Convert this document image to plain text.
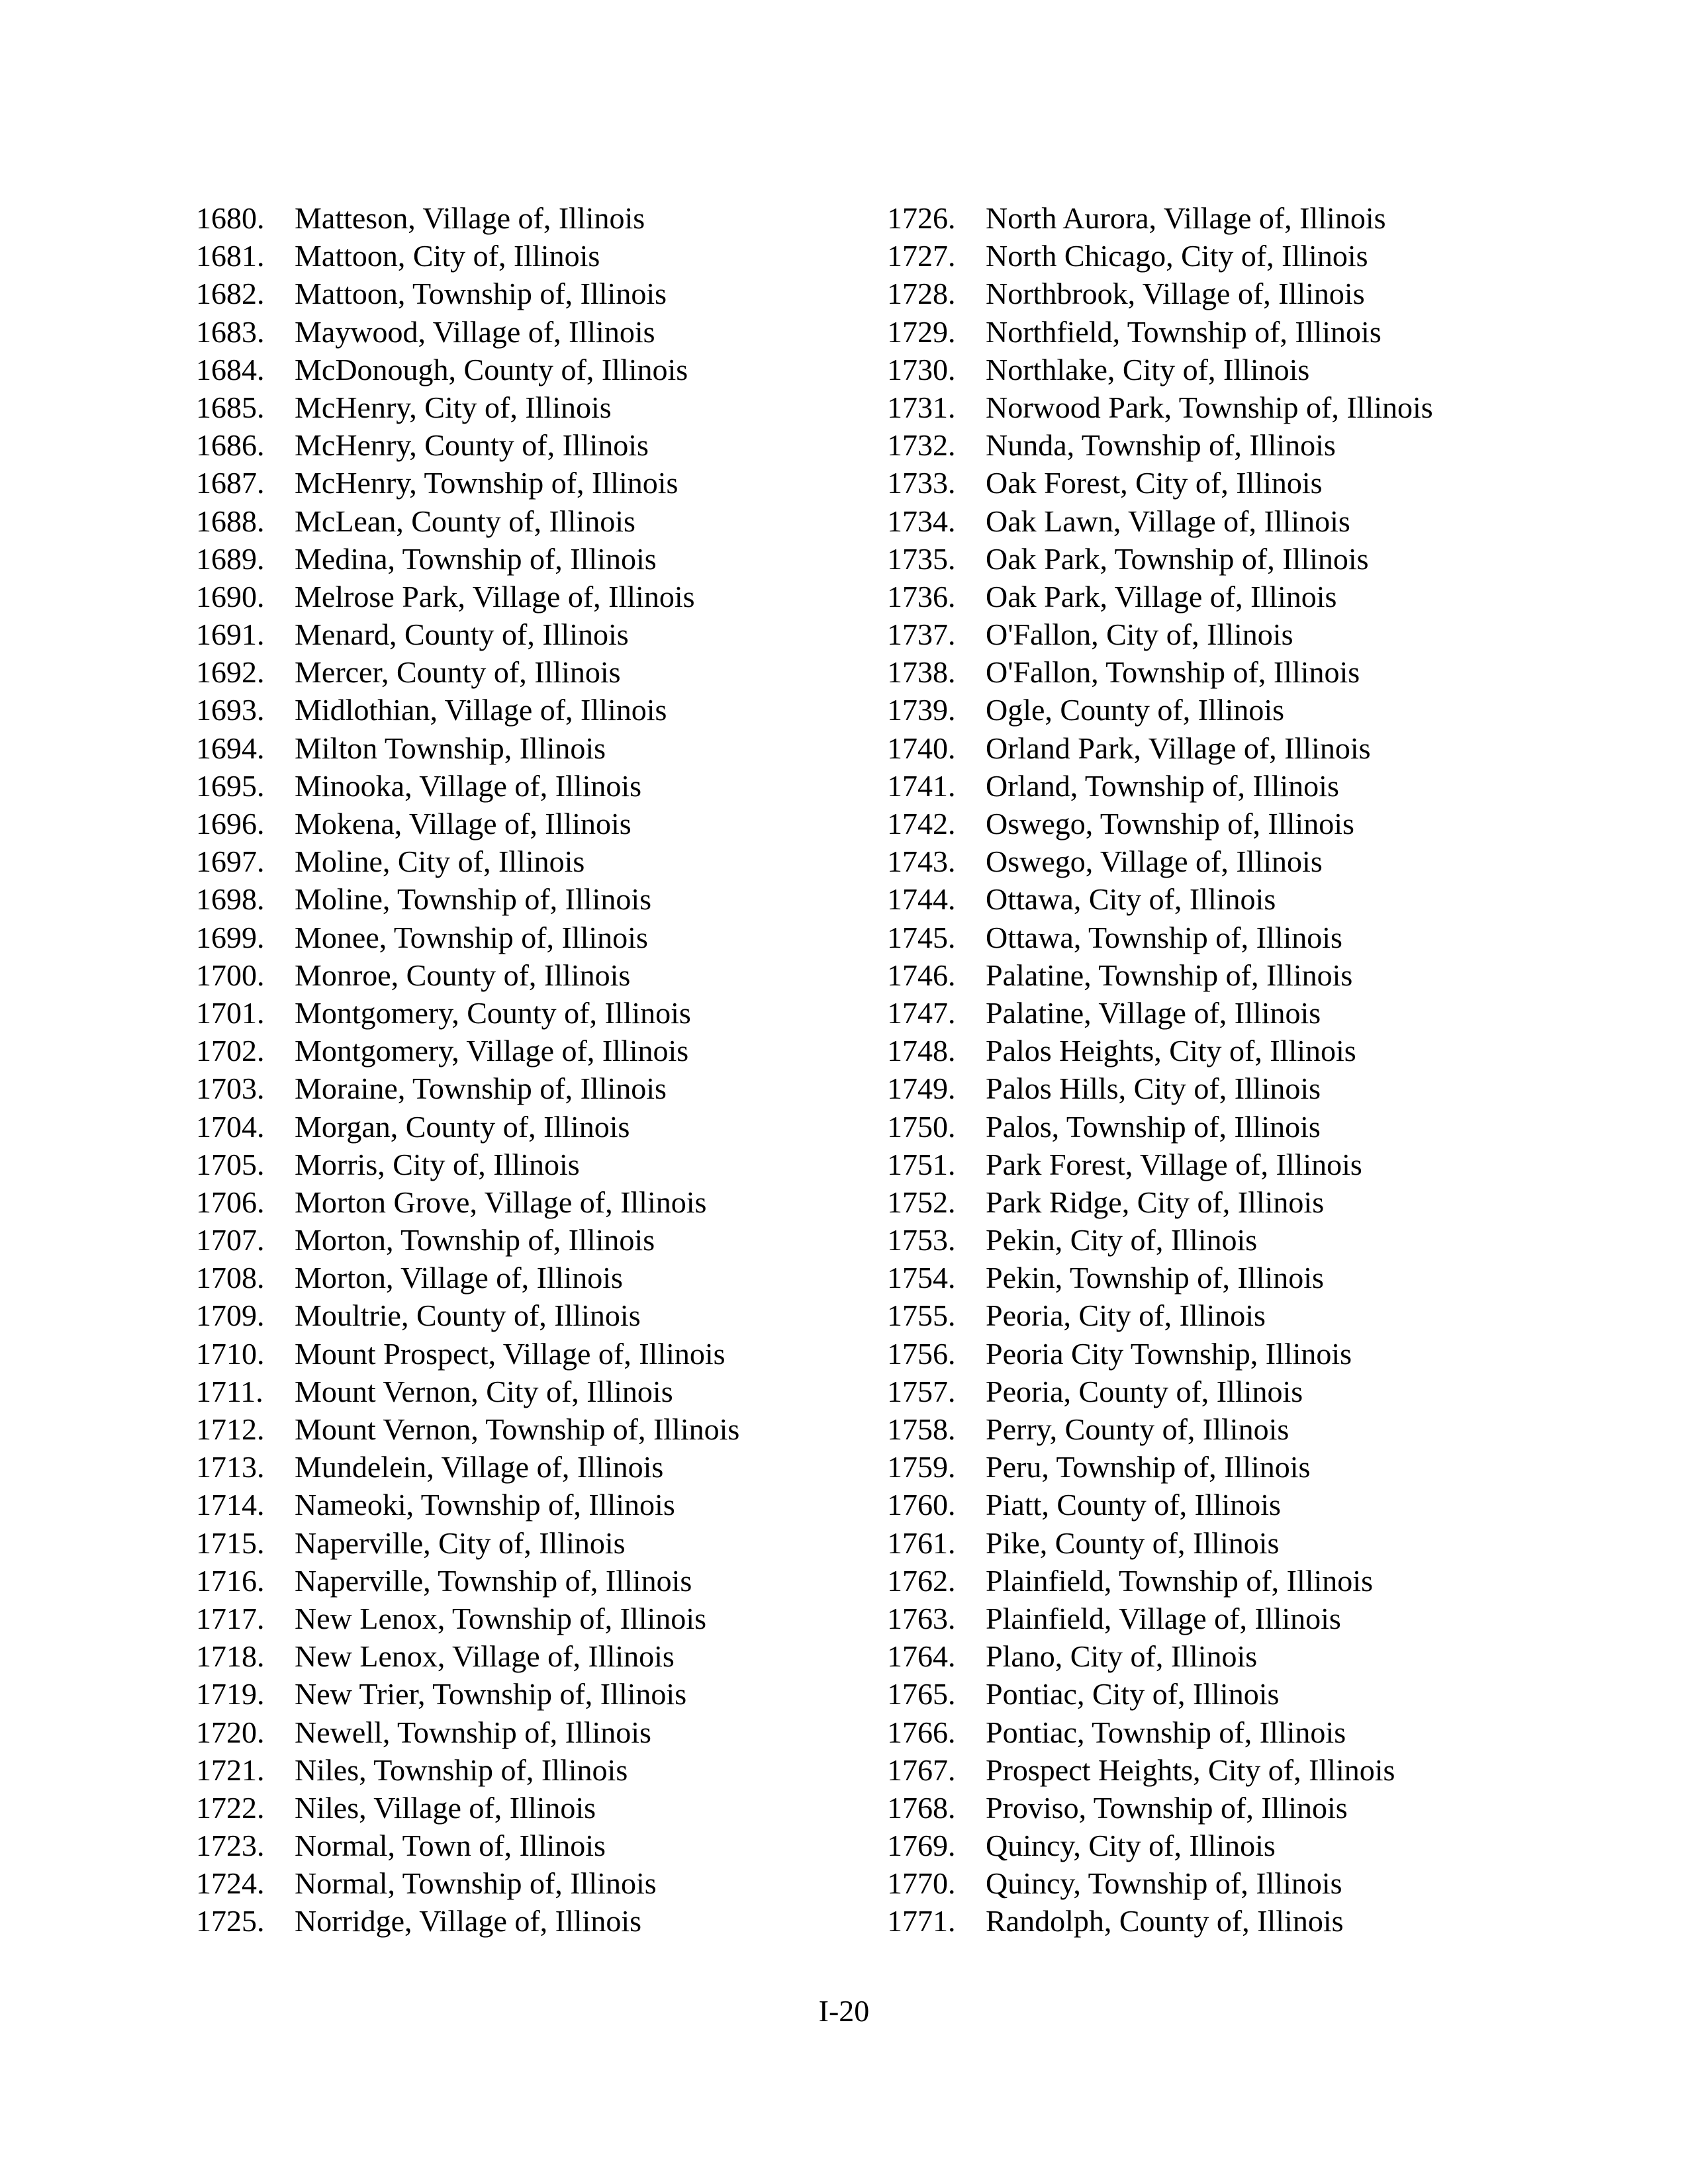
1680. Matteson, Village of, Illinois
1681. Mattoon, City of, Illinois
1682. Mattoon, Township of, Illinois
1683. Maywood, Village of, Illinois
1684. McDonough, County of, Illinois
1685. McHenry, City of, Illinois
1686. McHenry, County of, Illinois
1687. McHenry, Township of, Illinois
1688. McLean, County of, Illinois
1689. Medina, Township of, Illinois
1690. Melrose Park, Village of, Illinois
1691. Menard, County of, Illinois
1692. Mercer, County of, Illinois
1693. Midlothian, Village of, Illinois
1694. Milton Township, Illinois
1695. Minooka, Village of, Illinois
1696. Mokena, Village of, Illinois
1697. Moline, City of, Illinois
1698. Moline, Township of, Illinois
1699. Monee, Township of, Illinois
1700. Monroe, County of, Illinois
1701. Montgomery, County of, Illinois
1702. Montgomery, Village of, Illinois
1703. Moraine, Township of, Illinois
1704. Morgan, County of, Illinois
1705. Morris, City of, Illinois
1706. Morton Grove, Village of, Illinois
1707. Morton, Township of, Illinois
1708. Morton, Village of, Illinois
1709. Moultrie, County of, Illinois
1710. Mount Prospect, Village of, Illinois
1711. Mount Vernon, City of, Illinois
1712. Mount Vernon, Township of, Illinois
1713. Mundelein, Village of, Illinois
1714. Nameoki, Township of, Illinois
1715. Naperville, City of, Illinois
1716. Naperville, Township of, Illinois
1717. New Lenox, Township of, Illinois
1718. New Lenox, Village of, Illinois
1719. New Trier, Township of, Illinois
1720. Newell, Township of, Illinois
1721. Niles, Township of, Illinois
1722. Niles, Village of, Illinois
1723. Normal, Town of, Illinois
1724. Normal, Township of, Illinois
1725. Norridge, Village of, Illinois
1726. North Aurora, Village of, Illinois
1727. North Chicago, City of, Illinois
1728. Northbrook, Village of, Illinois
1729. Northfield, Township of, Illinois
1730. Northlake, City of, Illinois
1731. Norwood Park, Township of, Illinois
1732. Nunda, Township of, Illinois
1733. Oak Forest, City of, Illinois
1734. Oak Lawn, Village of, Illinois
1735. Oak Park, Township of, Illinois
1736. Oak Park, Village of, Illinois
1737. O'Fallon, City of, Illinois
1738. O'Fallon, Township of, Illinois
1739. Ogle, County of, Illinois
1740. Orland Park, Village of, Illinois
1741. Orland, Township of, Illinois
1742. Oswego, Township of, Illinois
1743. Oswego, Village of, Illinois
1744. Ottawa, City of, Illinois
1745. Ottawa, Township of, Illinois
1746. Palatine, Township of, Illinois
1747. Palatine, Village of, Illinois
1748. Palos Heights, City of, Illinois
1749. Palos Hills, City of, Illinois
1750. Palos, Township of, Illinois
1751. Park Forest, Village of, Illinois
1752. Park Ridge, City of, Illinois
1753. Pekin, City of, Illinois
1754. Pekin, Township of, Illinois
1755. Peoria, City of, Illinois
1756. Peoria City Township, Illinois
1757. Peoria, County of, Illinois
1758. Perry, County of, Illinois
1759. Peru, Township of, Illinois
1760. Piatt, County of, Illinois
1761. Pike, County of, Illinois
1762. Plainfield, Township of, Illinois
1763. Plainfield, Village of, Illinois
1764. Plano, City of, Illinois
1765. Pontiac, City of, Illinois
1766. Pontiac, Township of, Illinois
1767. Prospect Heights, City of, Illinois
1768. Proviso, Township of, Illinois
1769. Quincy, City of, Illinois
1770. Quincy, Township of, Illinois
1771. Randolph, County of, Illinois
I-20
